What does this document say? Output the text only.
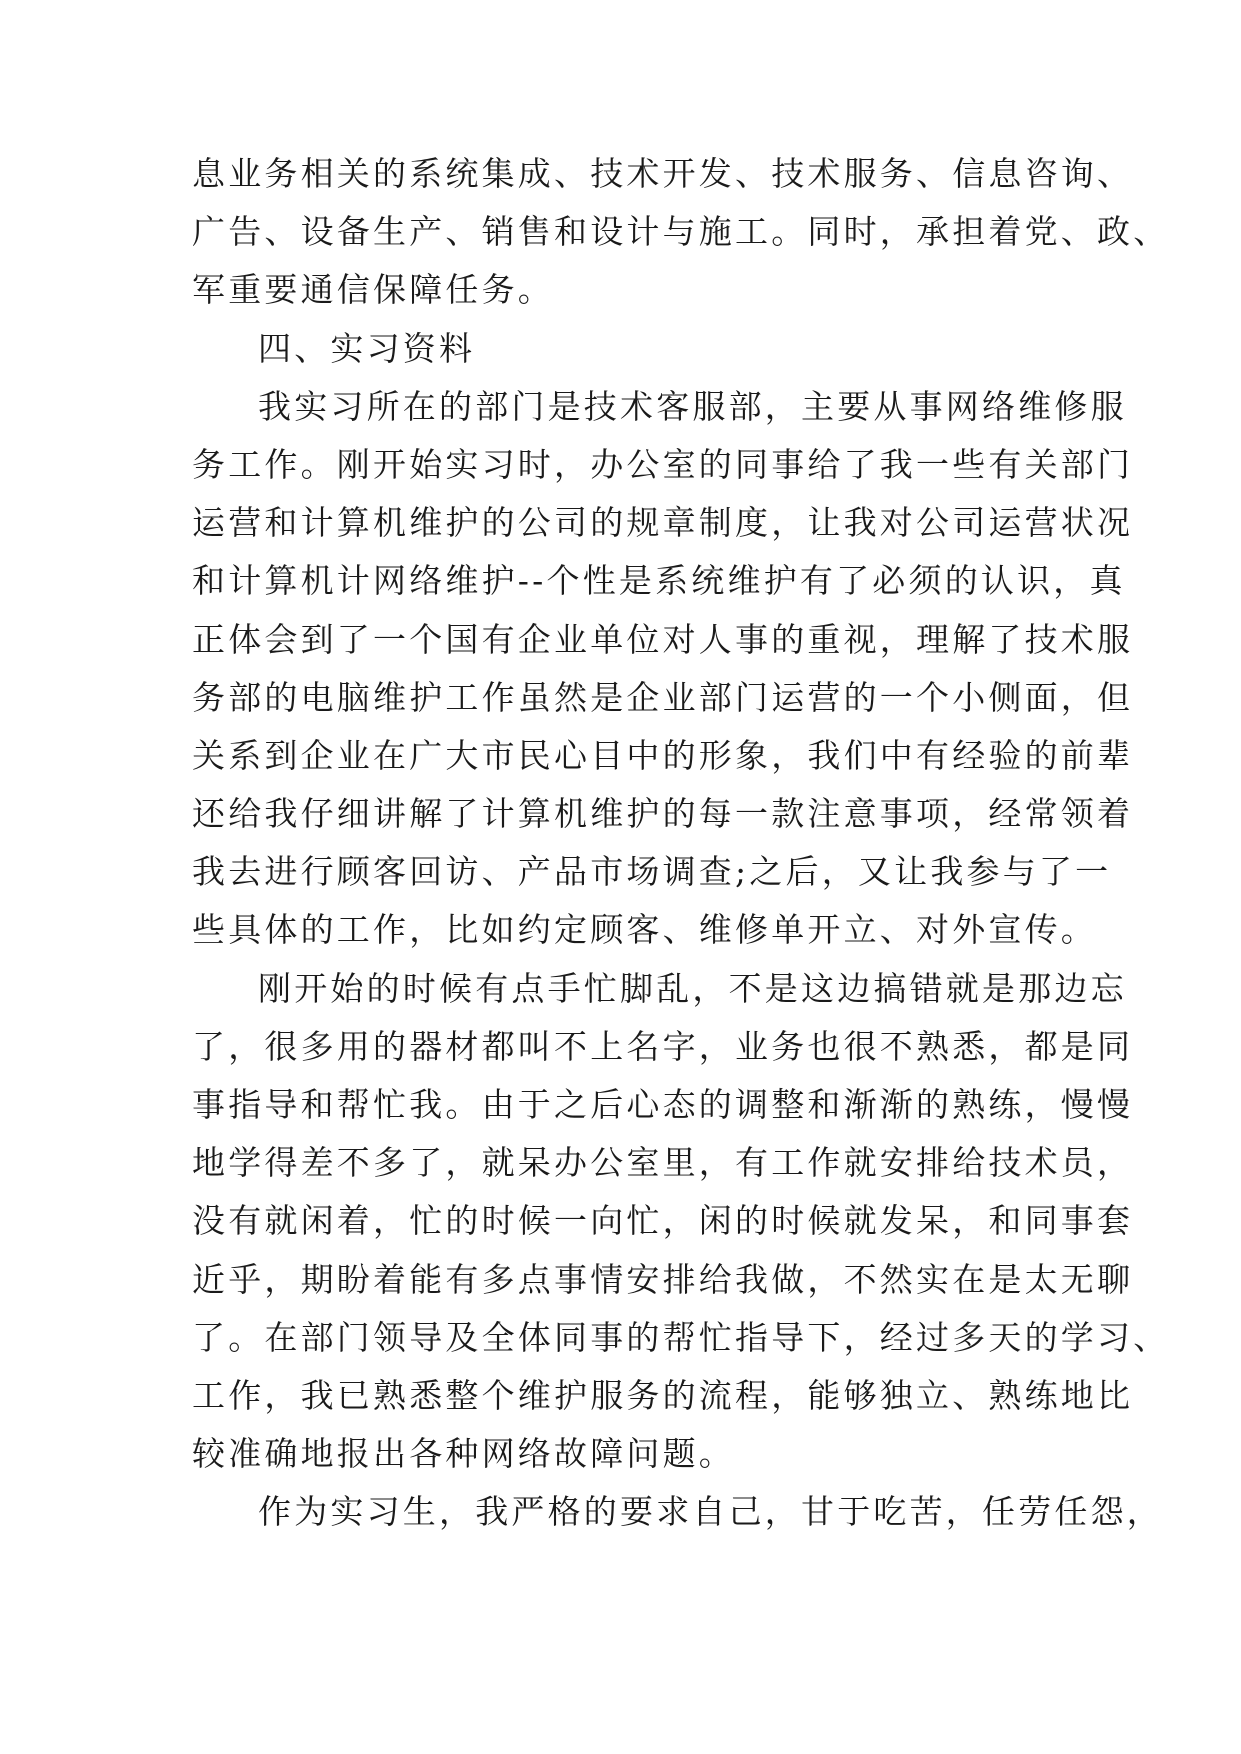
息业务相关的系统集成、技术开发、技术服务、信息咨询、
广告、设备生产、销售和设计与施工。同时，承担着党、政、
军重要通信保障任务。
四、实习资料
我实习所在的部门是技术客服部，主要从事网络维修服
务工作。刚开始实习时，办公室的同事给了我一些有关部门
运营和计算机维护的公司的规章制度，让我对公司运营状况
和计算机计网络维护--个性是系统维护有了必须的认识，真
正体会到了一个国有企业单位对人事的重视，理解了技术服
务部的电脑维护工作虽然是企业部门运营的一个小侧面，但
关系到企业在广大市民心目中的形象，我们中有经验的前辈
还给我仔细讲解了计算机维护的每一款注意事项，经常领着
我去进行顾客回访、产品市场调查;之后，又让我参与了一
些具体的工作，比如约定顾客、维修单开立、对外宣传。
刚开始的时候有点手忙脚乱，不是这边搞错就是那边忘
了，很多用的器材都叫不上名字，业务也很不熟悉，都是同
事指导和帮忙我。由于之后心态的调整和渐渐的熟练，慢慢
地学得差不多了，就呆办公室里，有工作就安排给技术员，
没有就闲着，忙的时候一向忙，闲的时候就发呆，和同事套
近乎，期盼着能有多点事情安排给我做，不然实在是太无聊
了。在部门领导及全体同事的帮忙指导下，经过多天的学习、
工作，我已熟悉整个维护服务的流程，能够独立、熟练地比
较准确地报出各种网络故障问题。
作为实习生，我严格的要求自己，甘于吃苦，任劳任怨，
